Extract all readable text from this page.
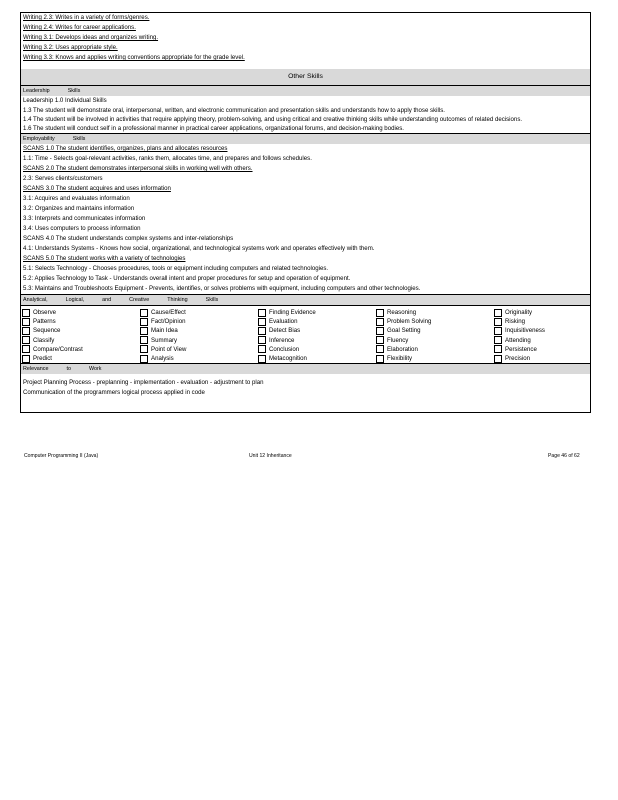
Writing 2.3: Writes in a variety of forms/genres.
Writing 2.4: Writes for career applications.
Writing 3.1: Develops ideas and organizes writing.
Writing 3.2: Uses appropriate style.
Writing 3.3: Knows and applies writing conventions appropriate for the grade level.
Other Skills
Leadership	Skills
Leadership 1.0 Individual Skills
1.3 The student will demonstrate oral, interpersonal, written, and electronic communication and presentation skills and understands how to apply those skills.
1.4 The student will be involved in activities that require applying theory, problem-solving, and using critical and creative thinking skills while understanding outcomes of related decisions.
1.6 The student will conduct self in a professional manner in practical career applications, organizational forums, and decision-making bodies.
Employability	Skills
SCANS 1.0 The student identifies, organizes, plans and allocates resources
1.1: Time - Selects goal-relevant activities, ranks them, allocates time, and prepares and follows schedules.
SCANS 2.0 The student demonstrates interpersonal skills in working well with others.
2.3: Serves clients/customers
SCANS 3.0 The student acquires and uses information
3.1: Acquires and evaluates information
3.2: Organizes and maintains information
3.3: Interprets and communicates information
3.4: Uses computers to process information
SCANS 4.0 The student understands complex systems and inter-relationships
4.1: Understands Systems - Knows how social, organizational, and technological systems work and operates effectively with them.
SCANS 5.0 The student works with a variety of technologies
5.1: Selects Technology - Chooses procedures, tools or equipment including computers and related technologies.
5.2: Applies Technology to Task - Understands overall intent and proper procedures for setup and operation of equipment.
5.3: Maintains and Troubleshoots Equipment - Prevents, identifies, or solves problems with equipment, including computers and other technologies.
Analytical,	Logical,	and	Creative	Thinking	Skills
Observe	Cause/Effect	Finding Evidence	Reasoning	Originality
Patterns	Fact/Opinion	Evaluation	Problem Solving	Risking
Sequence	Main Idea	Detect Bias	Goal Setting	Inquisitiveness
Classify	Summary	Inference	Fluency	Attending
Compare/Contrast	Point of View	Conclusion	Elaboration	Persistence
Predict	Analysis	Metacognition	Flexibility	Precision
Relevance	to	Work
Project Planning Process - preplanning - implementation - evaluation - adjustment to plan
Communication of the programmers logical process applied in code
Computer Programming II (Java)	Unit 12 Inheritance	Page 46 of 62
